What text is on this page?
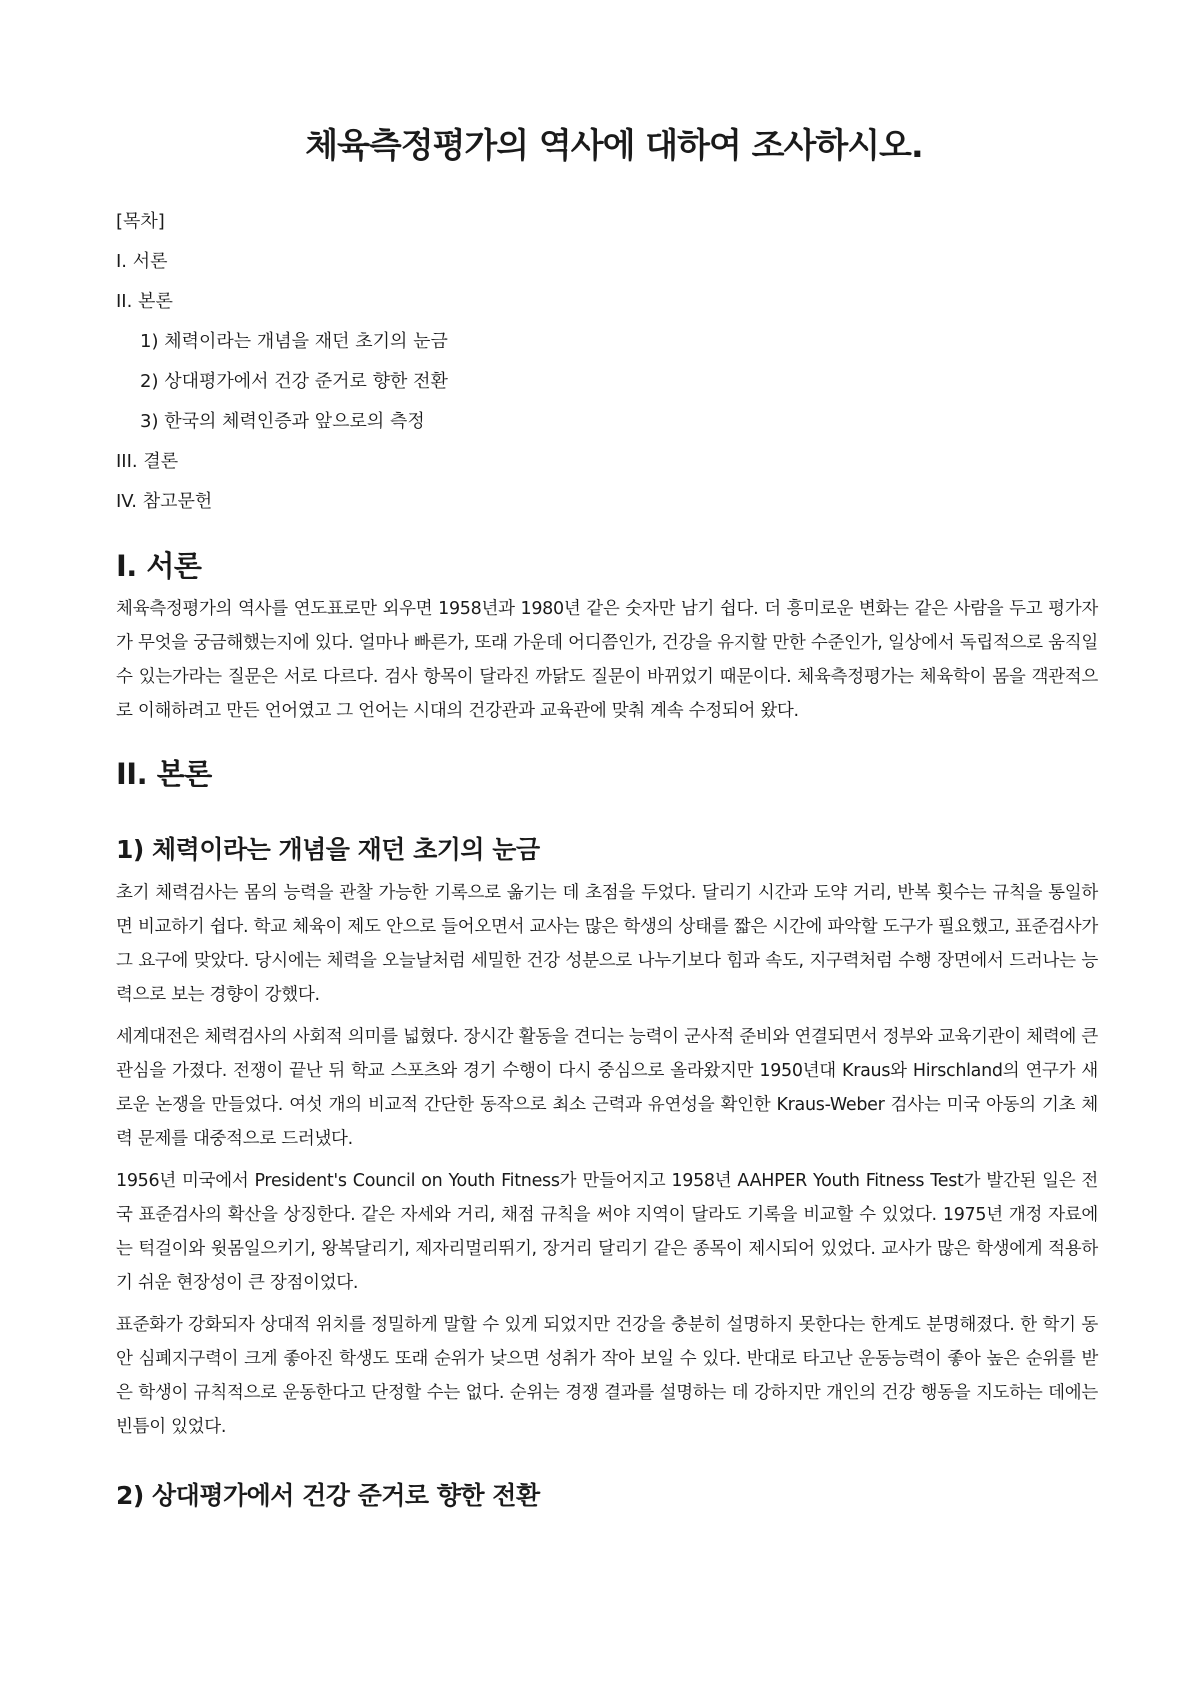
체육측정평가의 역사에 대하여 조사하시오.
[목차]
I. 서론
II. 본론
1) 체력이라는 개념을 재던 초기의 눈금
2) 상대평가에서 건강 준거로 향한 전환
3) 한국의 체력인증과 앞으로의 측정
III. 결론
IV. 참고문헌
I. 서론

체육측정평가의 역사를 연도표로만 외우면 1958년과 1980년 같은 숫자만 남기 쉽다. 더 흥미로운 변화는 같은 사람을 두고 평가자가 무엇을 궁금해했는지에 있다. 얼마나 빠른가, 또래 가운데 어디쯤인가, 건강을 유지할 만한 수준인가, 일상에서 독립적으로 움직일 수 있는가라는 질문은 서로 다르다. 검사 항목이 달라진 까닭도 질문이 바뀌었기 때문이다. 체육측정평가는 체육학이 몸을 객관적으로 이해하려고 만든 언어였고 그 언어는 시대의 건강관과 교육관에 맞춰 계속 수정되어 왔다.

II. 본론
1) 체력이라는 개념을 재던 초기의 눈금

초기 체력검사는 몸의 능력을 관찰 가능한 기록으로 옮기는 데 초점을 두었다. 달리기 시간과 도약 거리, 반복 횟수는 규칙을 통일하면 비교하기 쉽다. 학교 체육이 제도 안으로 들어오면서 교사는 많은 학생의 상태를 짧은 시간에 파악할 도구가 필요했고, 표준검사가 그 요구에 맞았다. 당시에는 체력을 오늘날처럼 세밀한 건강 성분으로 나누기보다 힘과 속도, 지구력처럼 수행 장면에서 드러나는 능력으로 보는 경향이 강했다.

세계대전은 체력검사의 사회적 의미를 넓혔다. 장시간 활동을 견디는 능력이 군사적 준비와 연결되면서 정부와 교육기관이 체력에 큰 관심을 가졌다. 전쟁이 끝난 뒤 학교 스포츠와 경기 수행이 다시 중심으로 올라왔지만 1950년대 Kraus와 Hirschland의 연구가 새로운 논쟁을 만들었다. 여섯 개의 비교적 간단한 동작으로 최소 근력과 유연성을 확인한 Kraus-Weber 검사는 미국 아동의 기초 체력 문제를 대중적으로 드러냈다.

1956년 미국에서 President's Council on Youth Fitness가 만들어지고 1958년 AAHPER Youth Fitness Test가 발간된 일은 전국 표준검사의 확산을 상징한다. 같은 자세와 거리, 채점 규칙을 써야 지역이 달라도 기록을 비교할 수 있었다. 1975년 개정 자료에는 턱걸이와 윗몸일으키기, 왕복달리기, 제자리멀리뛰기, 장거리 달리기 같은 종목이 제시되어 있었다. 교사가 많은 학생에게 적용하기 쉬운 현장성이 큰 장점이었다.

표준화가 강화되자 상대적 위치를 정밀하게 말할 수 있게 되었지만 건강을 충분히 설명하지 못한다는 한계도 분명해졌다. 한 학기 동안 심폐지구력이 크게 좋아진 학생도 또래 순위가 낮으면 성취가 작아 보일 수 있다. 반대로 타고난 운동능력이 좋아 높은 순위를 받은 학생이 규칙적으로 운동한다고 단정할 수는 없다. 순위는 경쟁 결과를 설명하는 데 강하지만 개인의 건강 행동을 지도하는 데에는 빈틈이 있었다.

2) 상대평가에서 건강 준거로 향한 전환
